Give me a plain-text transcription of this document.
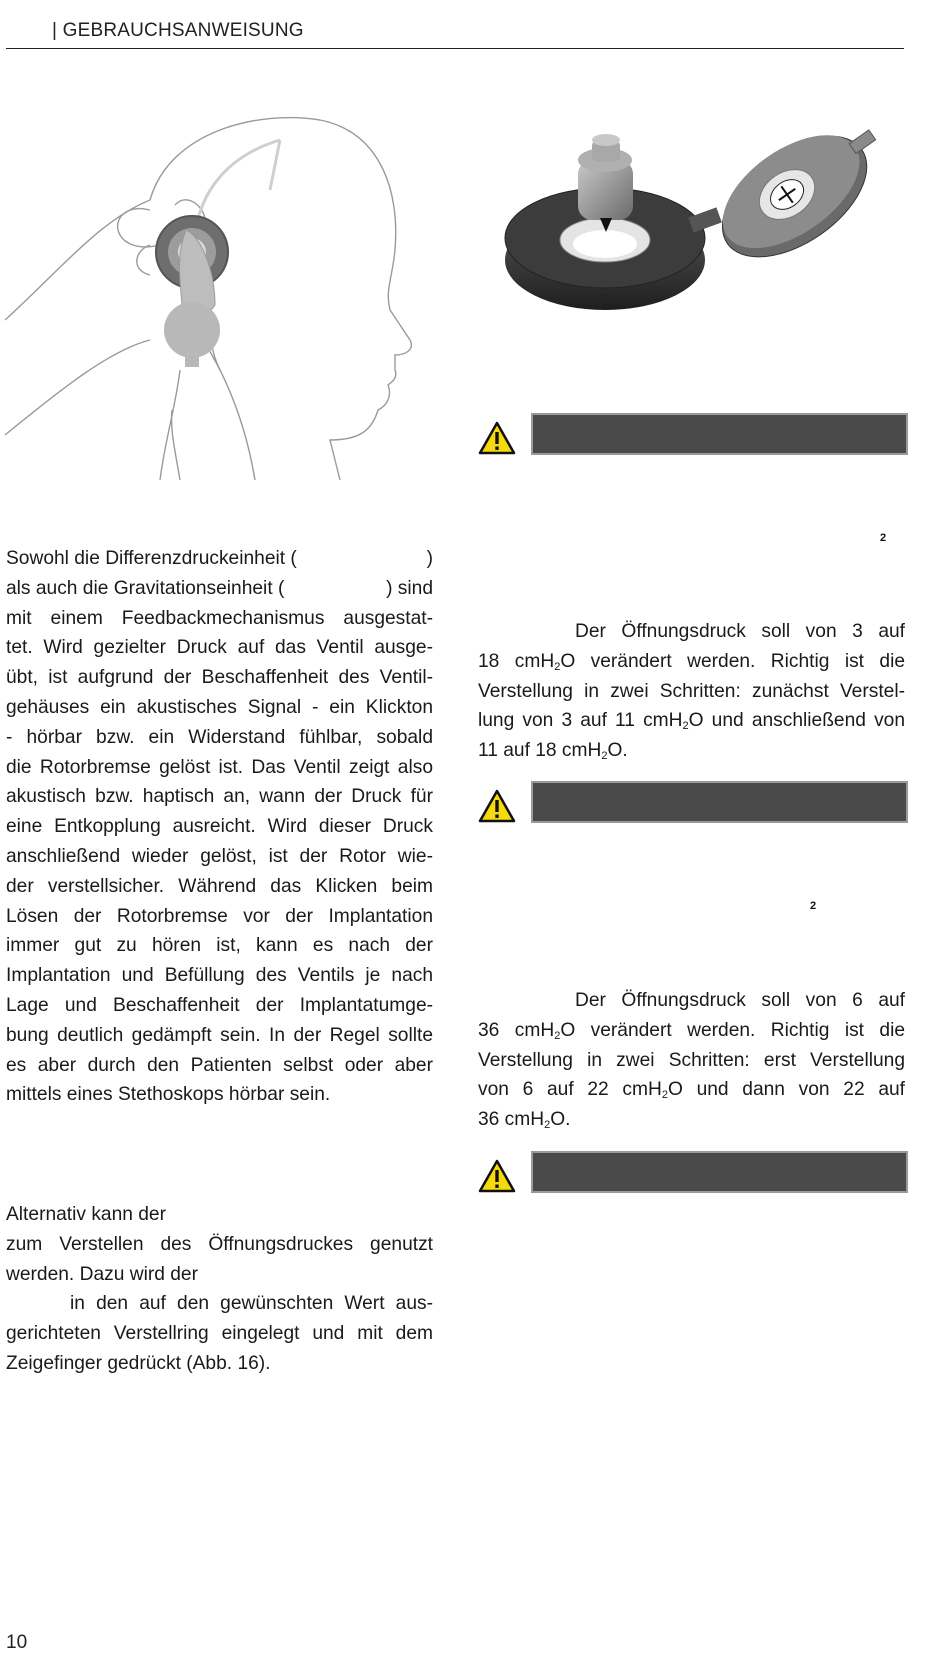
| GEBRAUCHSANWEISUNG
Sowohl die Differenzdruckeinheit (	)
als auch die Gravitationseinheit (	) sind
mit einem Feedbackmechanismus ausgestat-
tet. Wird gezielter Druck auf das Ventil ausge-
übt, ist aufgrund der Beschaffenheit des Ventil-
gehäuses ein akustisches Signal - ein Klickton
- hörbar bzw. ein Widerstand fühlbar, sobald
die Rotorbremse gelöst ist. Das Ventil zeigt also
akustisch bzw. haptisch an, wann der Druck für
eine Entkopplung ausreicht. Wird dieser Druck
anschließend wieder gelöst, ist der Rotor wie-
der verstellsicher. Während das Klicken beim
Lösen der Rotorbremse vor der Implantation
immer gut zu hören ist, kann es nach der
Implantation und Befüllung des Ventils je nach
Lage und Beschaffenheit der Implantatumge-
bung deutlich gedämpft sein. In der Regel sollte
es aber durch den Patienten selbst oder aber
mittels eines Stethoskops hörbar sein.
Alternativ kann der
zum Verstellen des Öffnungsdruckes genutzt
werden. Dazu wird der
in den auf den gewünschten Wert aus-
gerichteten Verstellring eingelegt und mit dem
Zeigefinger gedrückt (Abb. 16).
2
Der Öffnungsdruck soll von 3 auf
18 cmH$_2$O verändert werden. Richtig ist die
Verstellung in zwei Schritten: zunächst Verstel-
lung von 3 auf 11 cmH$_2$O und anschließend von
11 auf 18 cmH$_2$O.
2
Der Öffnungsdruck soll von 6 auf
36 cmH$_2$O verändert werden. Richtig ist die
Verstellung in zwei Schritten: erst Verstellung
von 6 auf 22 cmH$_2$O und dann von 22 auf
36 cmH$_2$O.
10
